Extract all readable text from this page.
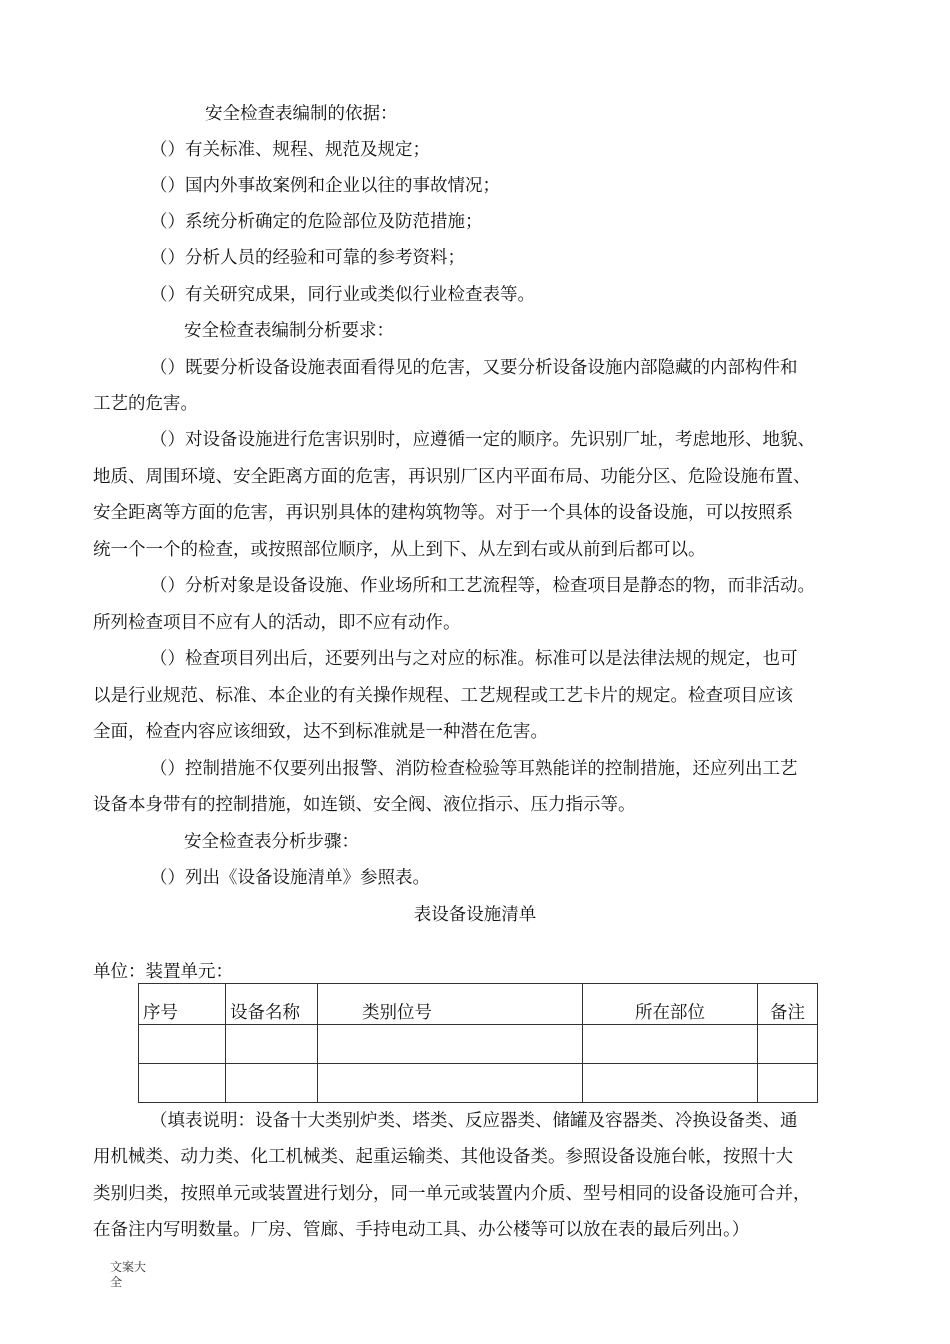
安全检查表编制的依据：
（）有关标准、规程、规范及规定；
（）国内外事故案例和企业以往的事故情况；
（）系统分析确定的危险部位及防范措施；
（）分析人员的经验和可靠的参考资料；
（）有关研究成果，同行业或类似行业检查表等。
安全检查表编制分析要求：
（）既要分析设备设施表面看得见的危害，又要分析设备设施内部隐藏的内部构件和
工艺的危害。
（）对设备设施进行危害识别时，应遵循一定的顺序。先识别厂址，考虑地形、地貌、
地质、周围环境、安全距离方面的危害，再识别厂区内平面布局、功能分区、危险设施布置、
安全距离等方面的危害，再识别具体的建构筑物等。对于一个具体的设备设施，可以按照系
统一个一个的检查，或按照部位顺序，从上到下、从左到右或从前到后都可以。
（）分析对象是设备设施、作业场所和工艺流程等，检查项目是静态的物，而非活动。
所列检查项目不应有人的活动，即不应有动作。
（）检查项目列出后，还要列出与之对应的标准。标准可以是法律法规的规定，也可
以是行业规范、标准、本企业的有关操作规程、工艺规程或工艺卡片的规定。检查项目应该
全面，检查内容应该细致，达不到标准就是一种潜在危害。
（）控制措施不仅要列出报警、消防检查检验等耳熟能详的控制措施，还应列出工艺
设备本身带有的控制措施，如连锁、安全阀、液位指示、压力指示等。
安全检查表分析步骤：
（）列出《设备设施清单》参照表。
表设备设施清单
单位：装置单元：
序号	设备名称	类别位号	所在部位	备注

（填表说明：设备十大类别炉类、塔类、反应器类、储罐及容器类、冷换设备类、通
用机械类、动力类、化工机械类、起重运输类、其他设备类。参照设备设施台帐，按照十大
类别归类，按照单元或装置进行划分，同一单元或装置内介质、型号相同的设备设施可合并，
在备注内写明数量。厂房、管廊、手持电动工具、办公楼等可以放在表的最后列出。）
文案大全
